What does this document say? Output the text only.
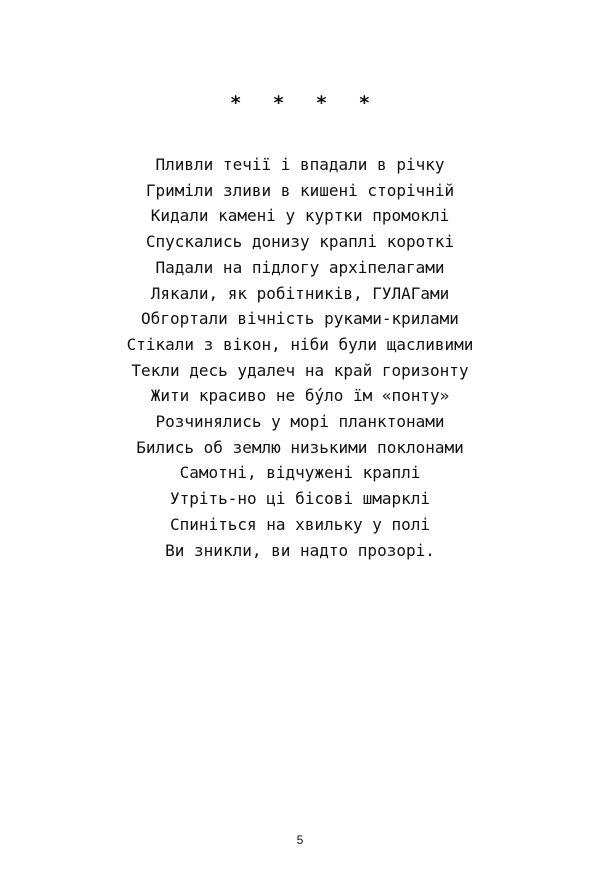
* * * *
Пливли течії і впадали в річку
Гриміли зливи в кишені сторічній
Кидали камені у куртки промоклі
Спускались донизу краплі короткі
Падали на підлогу архіпелагами
Лякали, як робітників, ГУЛАГами
Обгортали вічність руками-крилами
Стікали з вікон, ніби були щасливими
Текли десь удалеч на край горизонту
Жити красиво не бу́ло їм «понту»
Розчинялись у морі планктонами
Бились об землю низькими поклонами
Самотні, відчужені краплі
Утріть-но ці бісові шмарклі
Спиніться на хвильку у полі
Ви зникли, ви надто прозорі.
5
